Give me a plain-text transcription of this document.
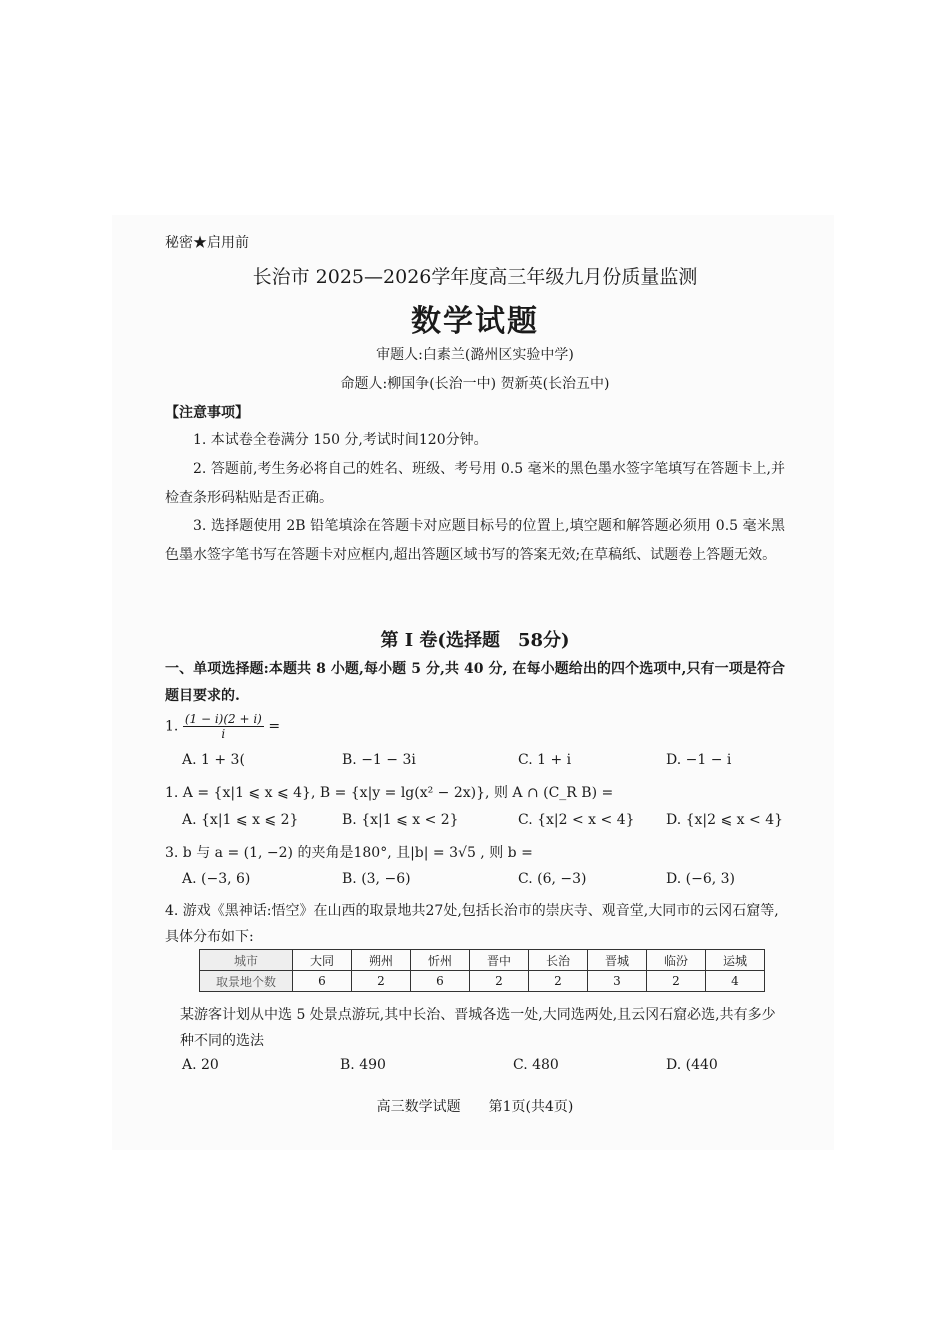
秘密★启用前
长治市 2025—2026学年度高三年级九月份质量监测
数学试题
审题人:白素兰(潞州区实验中学)
命题人:柳国争(长治一中) 贺新英(长治五中)
【注意事项】
1. 本试卷全卷满分 150 分,考试时间120分钟。
2. 答题前,考生务必将自己的姓名、班级、考号用 0.5 毫米的黑色墨水签字笔填写在答题卡上,并检查条形码粘贴是否正确。
3. 选择题使用 2B 铅笔填涂在答题卡对应题目标号的位置上,填空题和解答题必须用 0.5 毫米黑色墨水签字笔书写在答题卡对应框内,超出答题区域书写的答案无效;在草稿纸、试题卷上答题无效。
第 Ⅰ 卷(选择题　58分)
一、单项选择题:本题共 8 小题,每小题 5 分,共 40 分, 在每小题给出的四个选项中,只有一项是符合题目要求的.
1. $\frac{(1 - i)(2 + i)}{i}$ =
A. 1 + 3(	B. −1 − 3i	C. 1 + i	D. −1 − i
1. A = {x|1 ⩽ x ⩽ 4}, B = {x|y = lg(x² − 2x)}, 则 A ∩ (C_R B) =
A. {x|1 ⩽ x ⩽ 2}	B. {x|1 ⩽ x < 2}	C. {x|2 < x < 4} D. {x|2 ⩽ x < 4}
3. b 与 a = (1, −2) 的夹角是180°, 且|b| = 3√5 , 则 b =
A. (−3, 6)	B. (3, −6)	C. (6, −3)	D. (−6, 3)
4. 游戏《黑神话:悟空》在山西的取景地共27处,包括长治市的崇庆寺、观音堂,大同市的云冈石窟等,具体分布如下:
城市	大同	朔州	忻州	晋中	长治	晋城	临汾	运城
取景地个数	6	2	6	2	2	3	2	4
某游客计划从中选 5 处景点游玩,其中长治、晋城各选一处,大同选两处,且云冈石窟必选,共有多少种不同的选法
A. 20	B. 490	C. 480	D. (440
高三数学试题　　第1页(共4页)
